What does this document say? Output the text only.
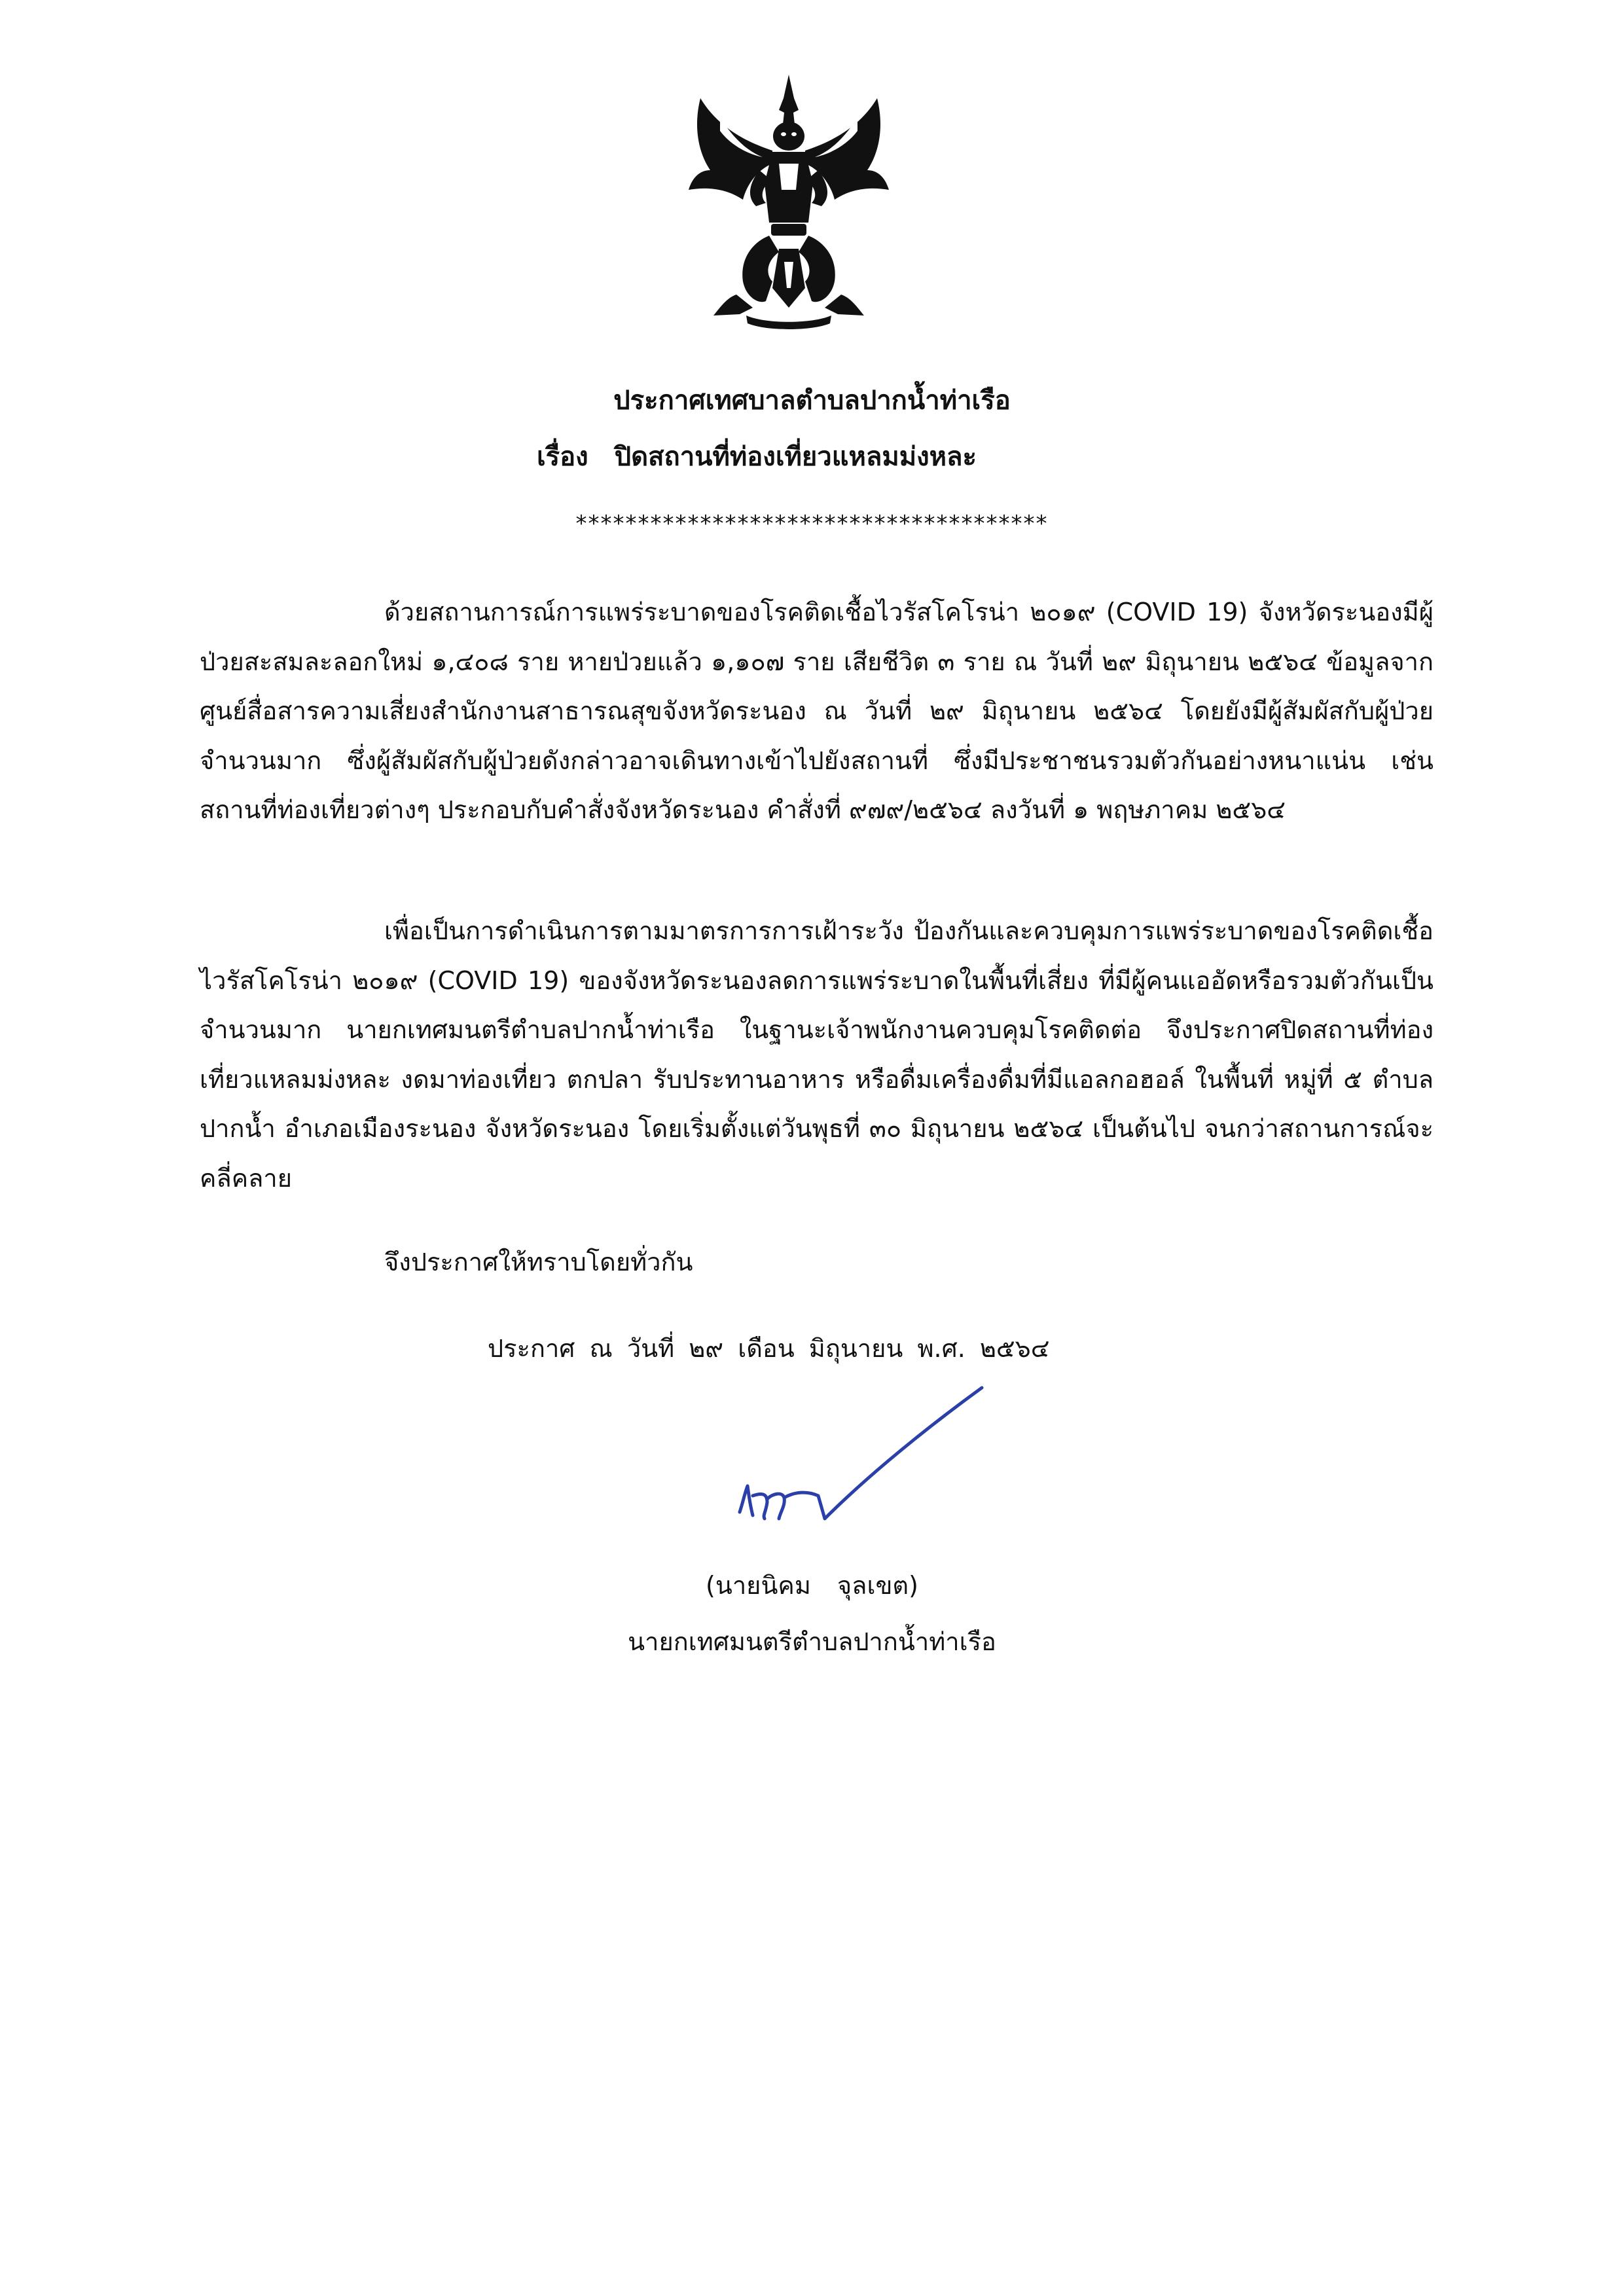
ประกาศเทศบาลตำบลปากน้ำท่าเรือ
เรื่อง ปิดสถานที่ท่องเที่ยวแหลมม่งหละ
**************************************

ด้วยสถานการณ์การแพร่ระบาดของโรคติดเชื้อไวรัสโคโรน่า ๒๐๑๙ (COVID 19) จังหวัดระนองมีผู้ป่วยสะสมละลอกใหม่ ๑,๔๐๘ ราย หายป่วยแล้ว ๑,๑๐๗ ราย เสียชีวิต ๓ ราย ณ วันที่ ๒๙ มิถุนายน ๒๕๖๔ ข้อมูลจากศูนย์สื่อสารความเสี่ยงสำนักงานสาธารณสุขจังหวัดระนอง ณ วันที่ ๒๙ มิถุนายน ๒๕๖๔ โดยยังมีผู้สัมผัสกับผู้ป่วยจำนวนมาก ซึ่งผู้สัมผัสกับผู้ป่วยดังกล่าวอาจเดินทางเข้าไปยังสถานที่ ซึ่งมีประชาชนรวมตัวกันอย่างหนาแน่น เช่นสถานที่ท่องเที่ยวต่างๆ ประกอบกับคำสั่งจังหวัดระนอง คำสั่งที่ ๙๗๙/๒๕๖๔ ลงวันที่ ๑ พฤษภาคม ๒๕๖๔

เพื่อเป็นการดำเนินการตามมาตรการการเฝ้าระวัง ป้องกันและควบคุมการแพร่ระบาดของโรคติดเชื้อไวรัสโคโรน่า ๒๐๑๙ (COVID 19) ของจังหวัดระนองลดการแพร่ระบาดในพื้นที่เสี่ยง ที่มีผู้คนแออัดหรือรวมตัวกันเป็นจำนวนมาก นายกเทศมนตรีตำบลปากน้ำท่าเรือ ในฐานะเจ้าพนักงานควบคุมโรคติดต่อ จึงประกาศปิดสถานที่ท่องเที่ยวแหลมม่งหละ งดมาท่องเที่ยว ตกปลา รับประทานอาหาร หรือดื่มเครื่องดื่มที่มีแอลกอฮอล์ ในพื้นที่ หมู่ที่ ๕ ตำบลปากน้ำ อำเภอเมืองระนอง จังหวัดระนอง โดยเริ่มตั้งแต่วันพุธที่ ๓๐ มิถุนายน ๒๕๖๔ เป็นต้นไป จนกว่าสถานการณ์จะคลี่คลาย

จึงประกาศให้ทราบโดยทั่วกัน
ประกาศ ณ วันที่ ๒๙ เดือน มิถุนายน พ.ศ. ๒๕๖๔
(นายนิคม จุลเขต)
นายกเทศมนตรีตำบลปากน้ำท่าเรือ
